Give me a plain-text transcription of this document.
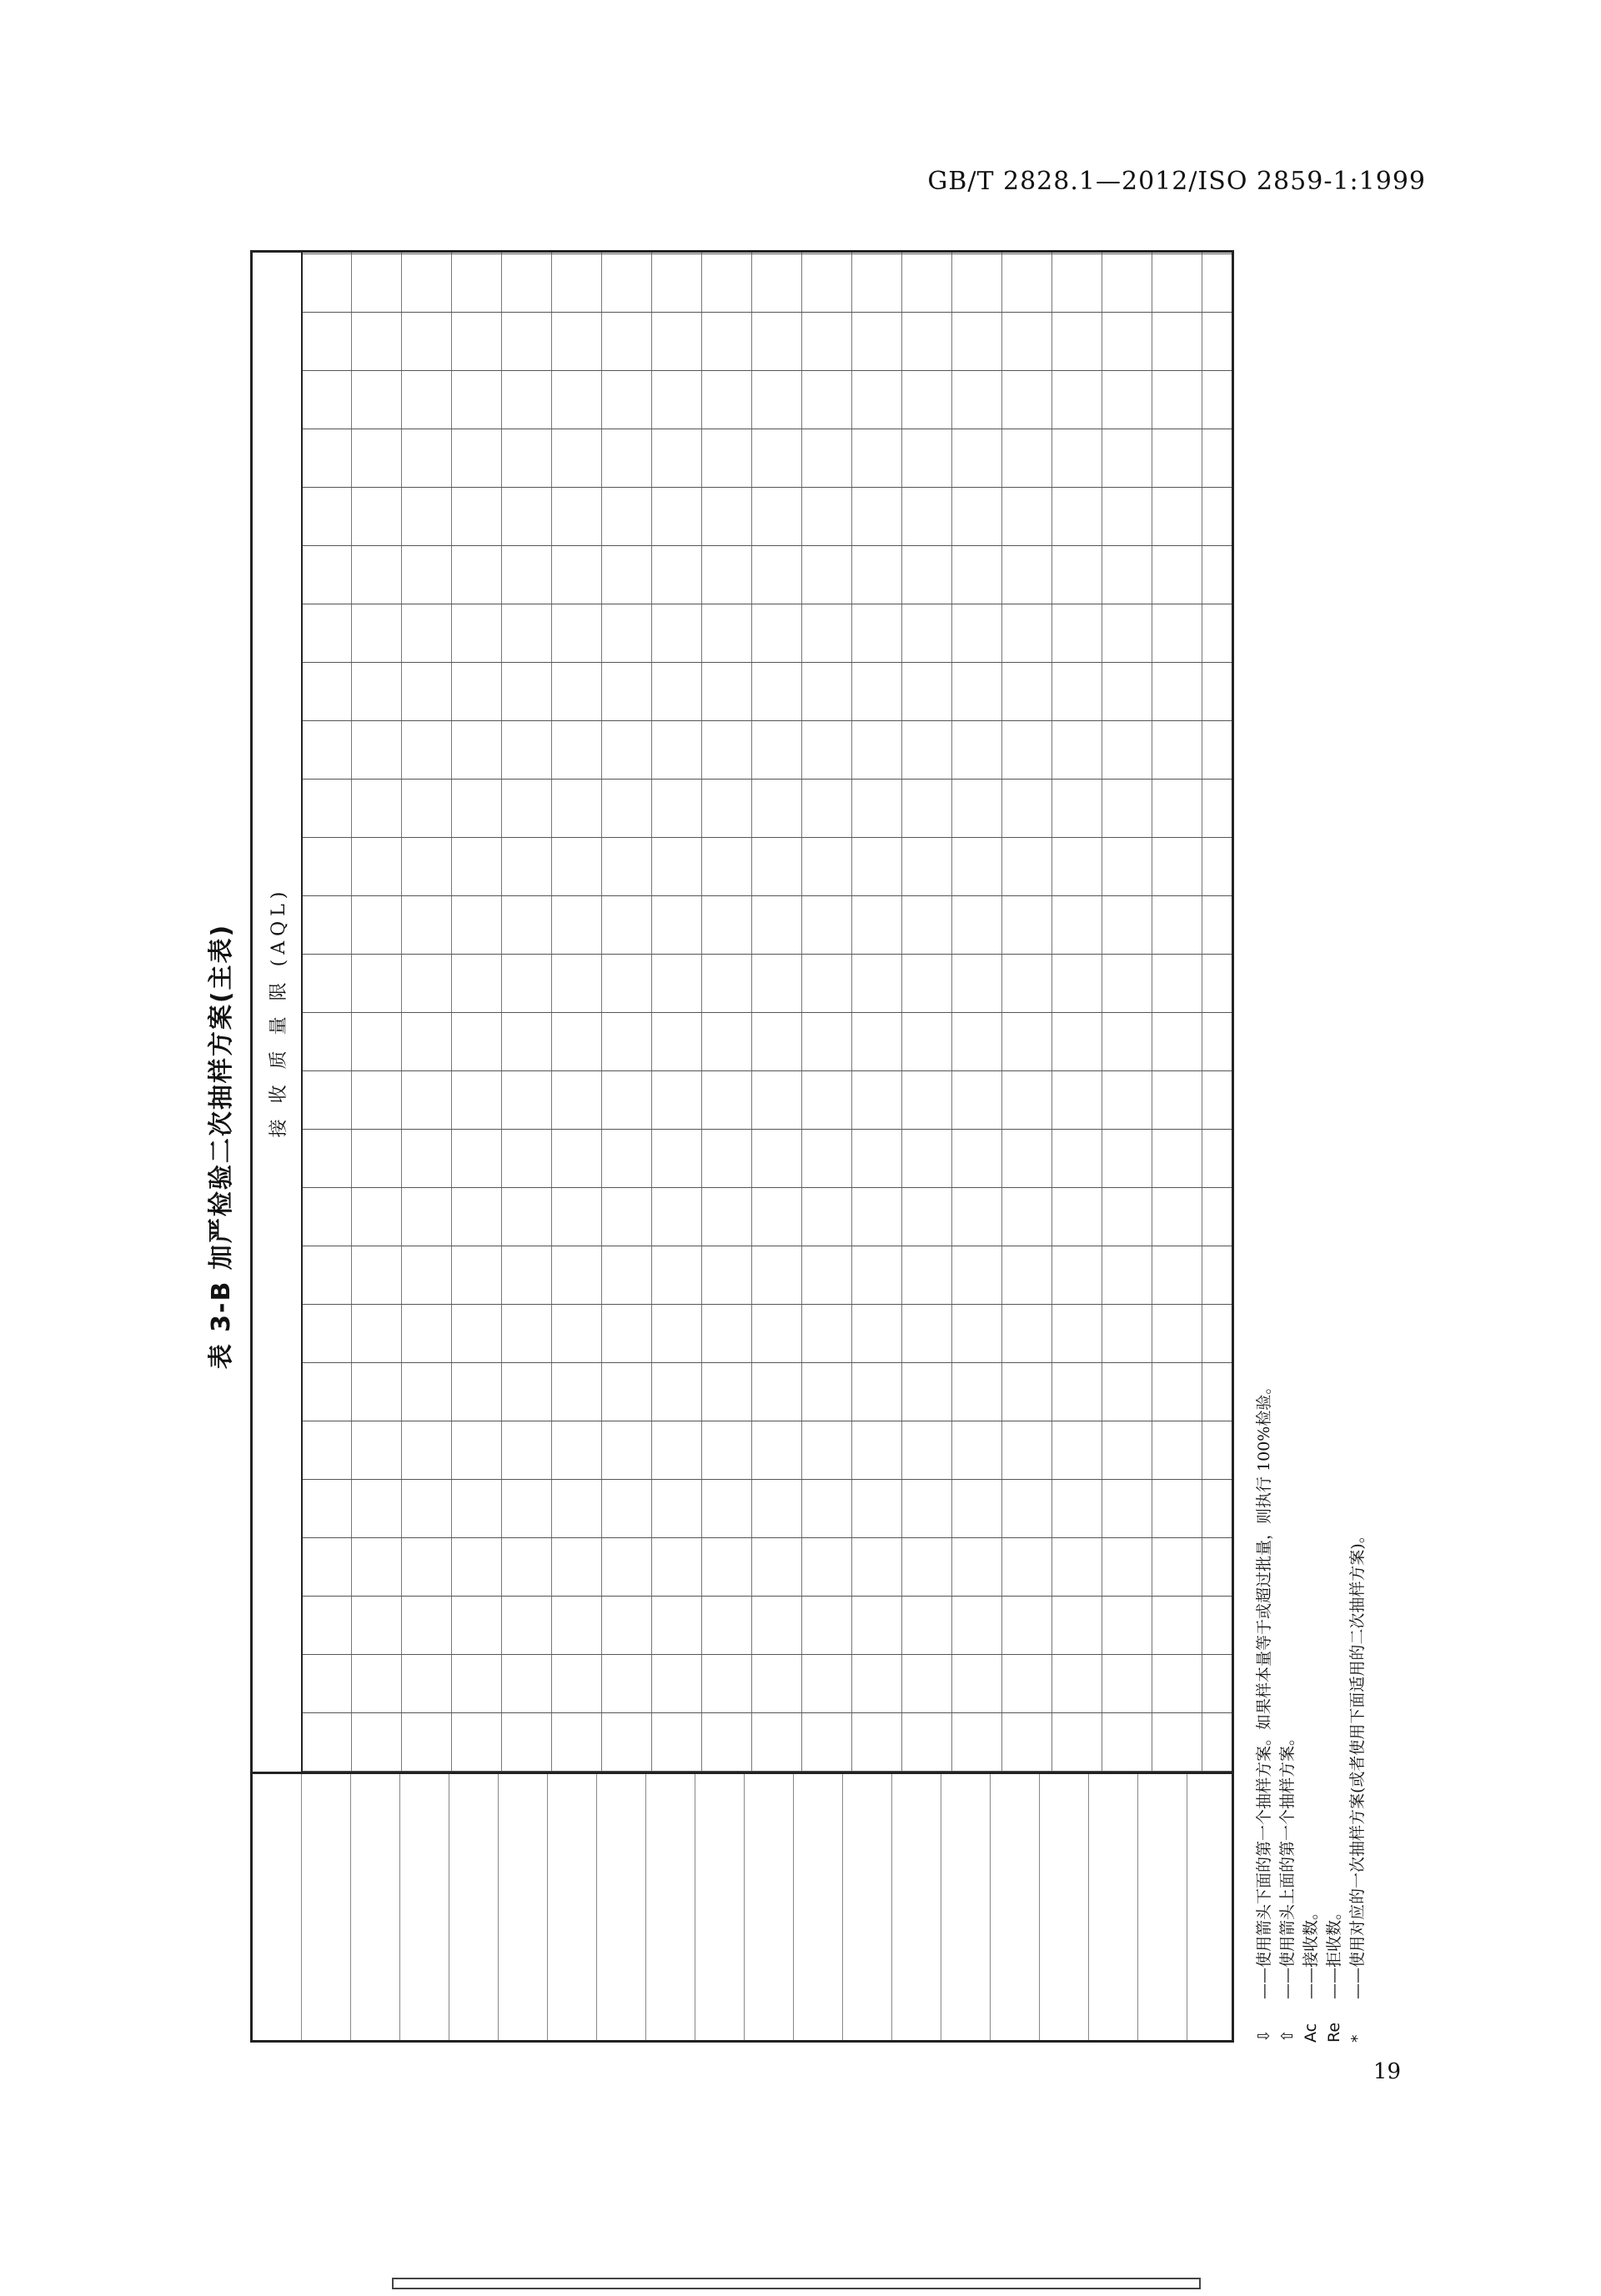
GB/T 2828.1—2012/ISO 2859-1:1999
表 3-B 加严检验二次抽样方案(主表)	接 收 质 量 限 (AQL)
⇩——使用箭头下面的第一个抽样方案。如果样本量等于或超过批量，则执行 100%检验。
⇧——使用箭头上面的第一个抽样方案。
Ac——接收数。
Re——拒收数。
*——使用对应的一次抽样方案(或者使用下面适用的二次抽样方案)。
19
